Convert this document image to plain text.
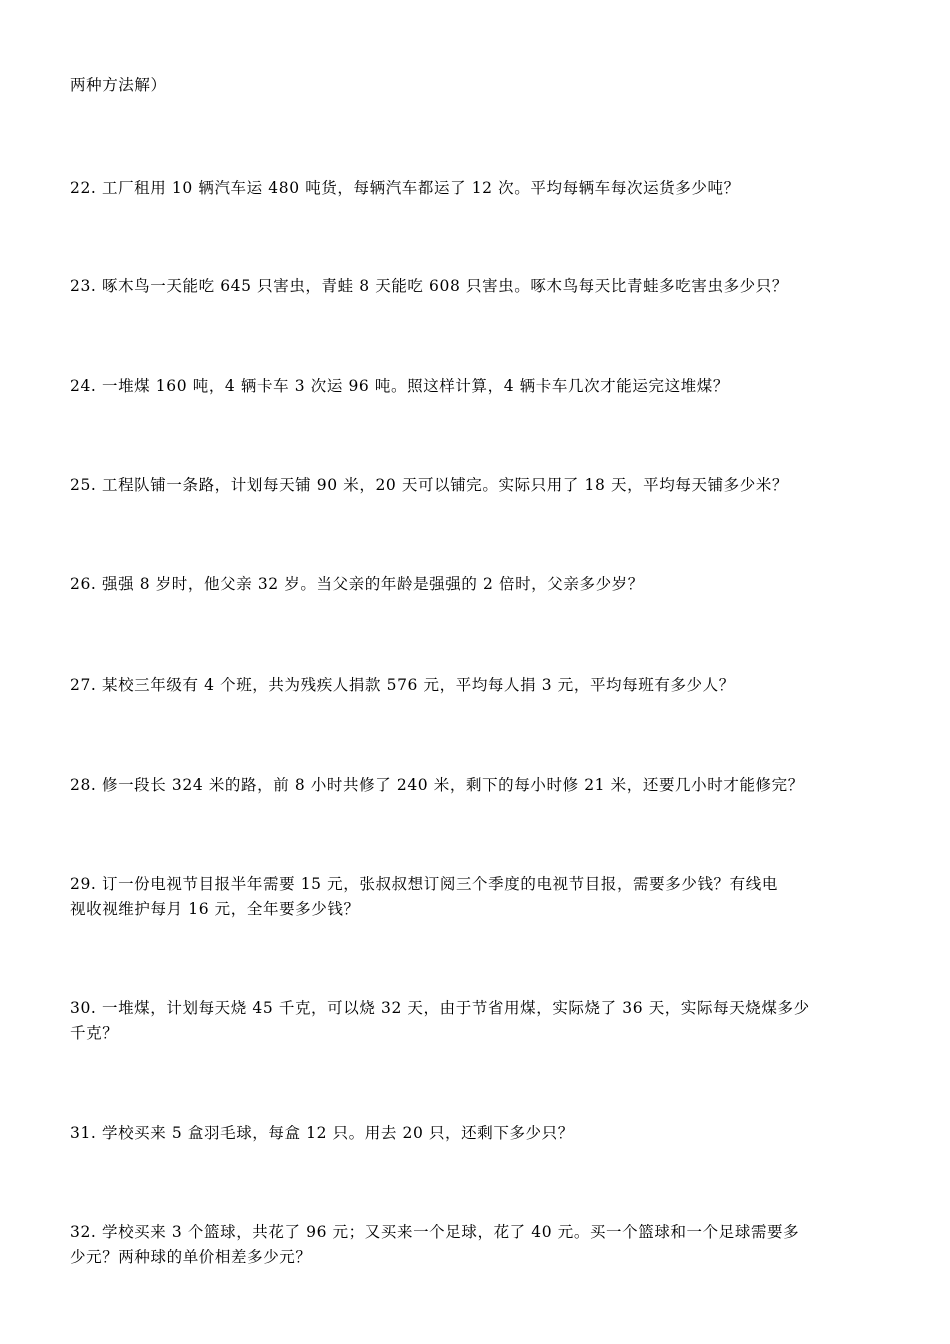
两种方法解）
22. 工厂租用 10 辆汽车运 480 吨货，每辆汽车都运了 12 次。平均每辆车每次运货多少吨？
23. 啄木鸟一天能吃 645 只害虫，青蛙 8 天能吃 608 只害虫。啄木鸟每天比青蛙多吃害虫多少只？
24. 一堆煤 160 吨，4 辆卡车 3 次运 96 吨。照这样计算，4 辆卡车几次才能运完这堆煤？
25. 工程队铺一条路，计划每天铺 90 米，20 天可以铺完。实际只用了 18 天，平均每天铺多少米？
26. 强强 8 岁时，他父亲 32 岁。当父亲的年龄是强强的 2 倍时，父亲多少岁？
27. 某校三年级有 4 个班，共为残疾人捐款 576 元，平均每人捐 3 元，平均每班有多少人？
28. 修一段长 324 米的路，前 8 小时共修了 240 米，剩下的每小时修 21 米，还要几小时才能修完？
29. 订一份电视节目报半年需要 15 元，张叔叔想订阅三个季度的电视节目报，需要多少钱？有线电
视收视维护每月 16 元，全年要多少钱？
30. 一堆煤，计划每天烧 45 千克，可以烧 32 天，由于节省用煤，实际烧了 36 天，实际每天烧煤多少
千克？
31. 学校买来 5 盒羽毛球，每盒 12 只。用去 20 只，还剩下多少只？
32. 学校买来 3 个篮球，共花了 96 元；又买来一个足球，花了 40 元。买一个篮球和一个足球需要多
少元？两种球的单价相差多少元？
